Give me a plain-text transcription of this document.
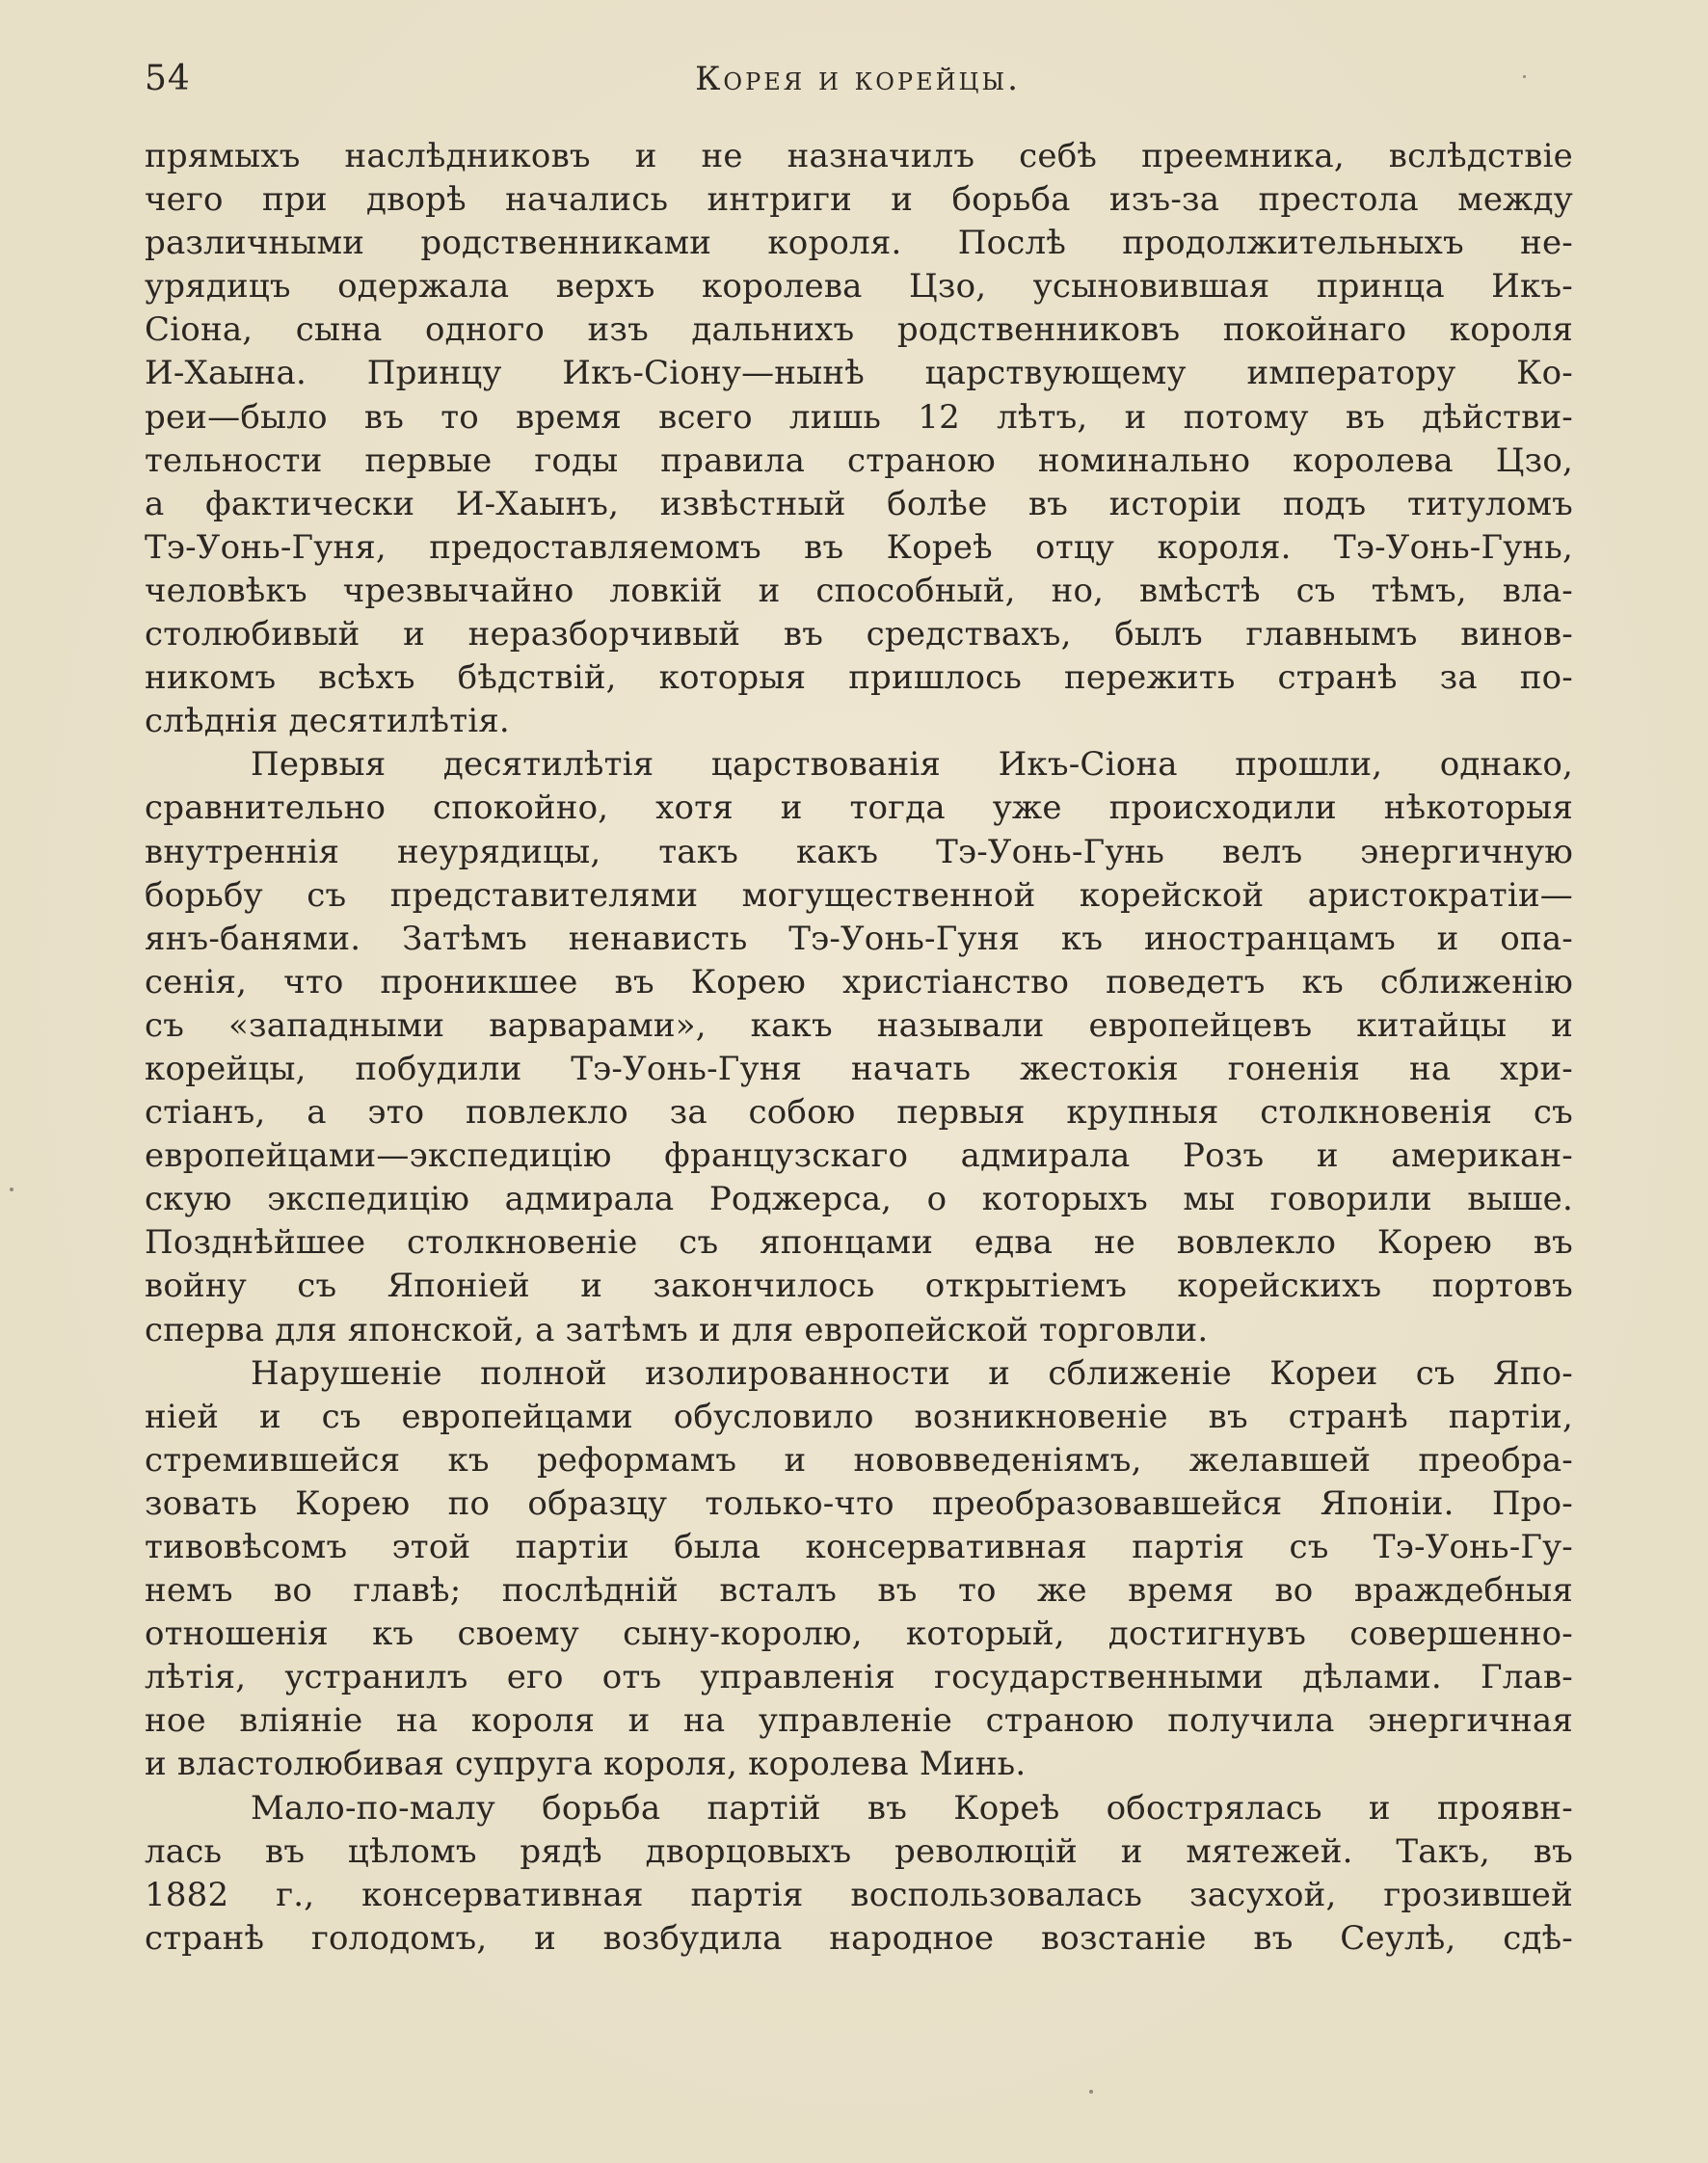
54	Корея и корейцы.
прямыхъ наслѣдниковъ и не назначилъ себѣ преемника, вслѣдствіе
чего при дворѣ начались интриги и борьба изъ-за престола между
различными родственниками короля. Послѣ продолжительныхъ не-
урядицъ одержала верхъ королева Цзо, усыновившая принца Икъ-
Сіона, сына одного изъ дальнихъ родственниковъ покойнаго короля
И-Хаына. Принцу Икъ-Сіону—нынѣ царствующему императору Ко-
реи—было въ то время всего лишь 12 лѣтъ, и потому въ дѣйстви-
тельности первые годы правила страною номинально королева Цзо,
а фактически И-Хаынъ, извѣстный болѣе въ исторіи подъ титуломъ
Тэ-Уонь-Гуня, предоставляемомъ въ Кореѣ отцу короля. Тэ-Уонь-Гунь,
человѣкъ чрезвычайно ловкій и способный, но, вмѣстѣ съ тѣмъ, вла-
столюбивый и неразборчивый въ средствахъ, былъ главнымъ винов-
никомъ всѣхъ бѣдствій, которыя пришлось пережить странѣ за по-
слѣднія десятилѣтія.
Первыя десятилѣтія царствованія Икъ-Сіона прошли, однако,
сравнительно спокойно, хотя и тогда уже происходили нѣкоторыя
внутреннія неурядицы, такъ какъ Тэ-Уонь-Гунь велъ энергичную
борьбу съ представителями могущественной корейской аристократіи—
янъ-банями. Затѣмъ ненависть Тэ-Уонь-Гуня къ иностранцамъ и опа-
сенія, что проникшее въ Корею христіанство поведетъ къ сближенію
съ «западными варварами», какъ называли европейцевъ китайцы и
корейцы, побудили Тэ-Уонь-Гуня начать жестокія гоненія на хри-
стіанъ, а это повлекло за собою первыя крупныя столкновенія съ
европейцами—экспедицію французскаго адмирала Розъ и американ-
скую экспедицію адмирала Роджерса, о которыхъ мы говорили выше.
Позднѣйшее столкновеніе съ японцами едва не вовлекло Корею въ
войну съ Японіей и закончилось открытіемъ корейскихъ портовъ
сперва для японской, а затѣмъ и для европейской торговли.
Нарушеніе полной изолированности и сближеніе Кореи съ Япо-
ніей и съ европейцами обусловило возникновеніе въ странѣ партіи,
стремившейся къ реформамъ и нововведеніямъ, желавшей преобра-
зовать Корею по образцу только-что преобразовавшейся Японіи. Про-
тивовѣсомъ этой партіи была консервативная партія съ Тэ-Уонь-Гу-
немъ во главѣ; послѣдній всталъ въ то же время во враждебныя
отношенія къ своему сыну-королю, который, достигнувъ совершенно-
лѣтія, устранилъ его отъ управленія государственными дѣлами. Глав-
ное вліяніе на короля и на управленіе страною получила энергичная
и властолюбивая супруга короля, королева Минь.
Мало-по-малу борьба партій въ Кореѣ обострялась и проявн-
лась въ цѣломъ рядѣ дворцовыхъ революцій и мятежей. Такъ, въ
1882 г., консервативная партія воспользовалась засухой, грозившей
странѣ голодомъ, и возбудила народное возстаніе въ Сеулѣ, сдѣ-
